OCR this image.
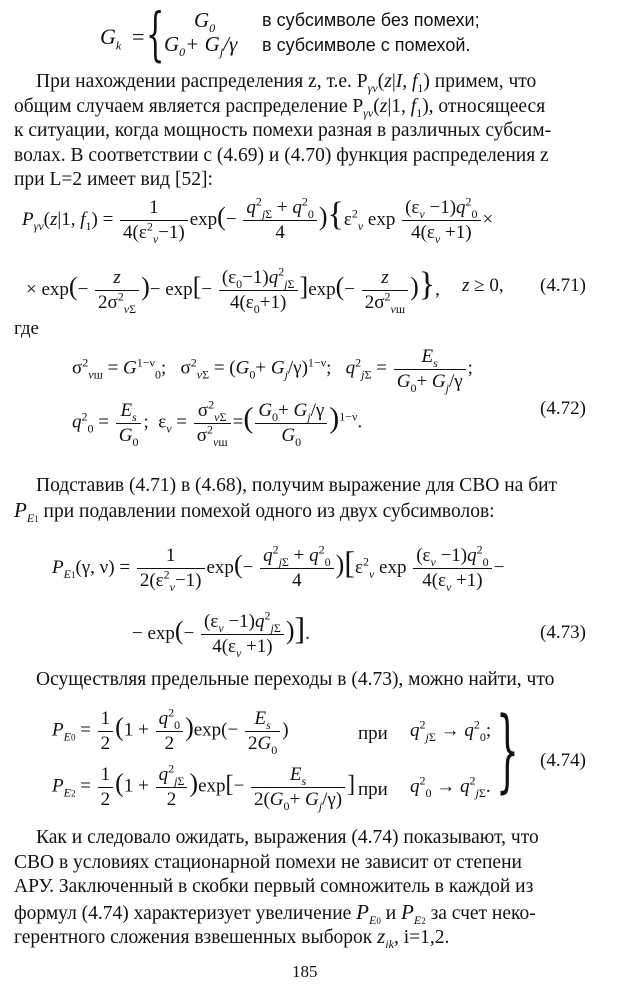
$G_k$ = { $G_0$	в субсимволе без помехи;
$G_0+ G_j/\gamma$ в субсимволе с помехой.
При нахождении распределения z, т.е. $P_{\gamma\nu}(z|I$, $f_1$) примем, что
общим случаем является распределение $P_{\gamma\nu}(z|1$, $f_1$), относящееся
к ситуации, когда мощность помехи разная в различных субсим-
волах. В соответствии с (4.69) и (4.70) функция распределения z
при L=2 имеет вид [52]:
$P_{\gamma\nu}(z|1$, $f_1) = \frac{1}{4(\varepsilon^2_\nu-1)} \exp(- \frac{q^2_{j\Sigma} + q^2_0}{4} )\{\varepsilon^2_\nu$ $\exp \frac{(\varepsilon_\nu -1)q^2_0}{4(\varepsilon_\nu +1)}$ ×
× $\exp(- \frac{z}{2\sigma^2_{\nu\Sigma}}$ )− $\exp[- \frac{(\varepsilon_0-1)q^2_{j\Sigma}}{4(\varepsilon_0+1)} ]\exp(- \frac{z}{2\sigma^2_{\nu ш}}$ )}, z ≥ 0, (4.71)
где
$\sigma^2_{\nu ш} = G^{1-\nu}_0$;   $\sigma^2_{\nu\Sigma} = (G_0+ G_j/\gamma)^{1-\nu}$;   $q^2_{j\Sigma} = \frac{E_s}{G_0+ G_j/\gamma}$ ;
$q^2_0 = \frac{E_s}{G_0}$ ;  $\varepsilon_\nu = \frac{\sigma^2_{\nu\Sigma}}{\sigma^2_{\nu ш}}$ =( $\frac{G_0+ G_j/\gamma}{G_0} )^{1-\nu}$.
(4.72)
Подставив (4.71) в (4.68), получим выражение для СВО на бит
$P_{E1}$ при подавлении помехой одного из двух субсимволов:
$P_{E1}(\gamma$, $\nu) = \frac{1}{2(\varepsilon^2_\nu-1)} \exp(- \frac{q^2_{j\Sigma} + q^2_0}{4} )[\varepsilon^2_\nu$ $\exp \frac{(\varepsilon_\nu -1)q^2_0}{4(\varepsilon_\nu +1)}$ −
− $\exp(- \frac{(\varepsilon_\nu -1)q^2_{j\Sigma}}{4(\varepsilon_\nu +1)}$ )].	(4.73)
Осуществляя предельные переходы в (4.73), можно найти, что
$P_{E0} = \frac{1}{2} (1 + \frac{q^2_0}{2} )\exp(- \frac{E_s}{2G_0}$ )	при $q^2_{j\Sigma} \to q^2_0$;
$P_{E2} = \frac{1}{2} (1 + \frac{q^2_{j\Sigma}}{2} )\exp[- \frac{E_s}{2(G_0+ G_j/\gamma)}$ ] при $q^2_0 \to q^2_{j\Sigma}$. } (4.74)
Как и следовало ожидать, выражения (4.74) показывают, что
СВО в условиях стационарной помехи не зависит от степени
АРУ. Заключенный в скобки первый сомножитель в каждой из
формул (4.74) характеризует увеличение $P_{E0}$ и $P_{E2}$ за счет неко-
герентного сложения взвешенных выборок $z_{ik}$, i=1,2.
185
